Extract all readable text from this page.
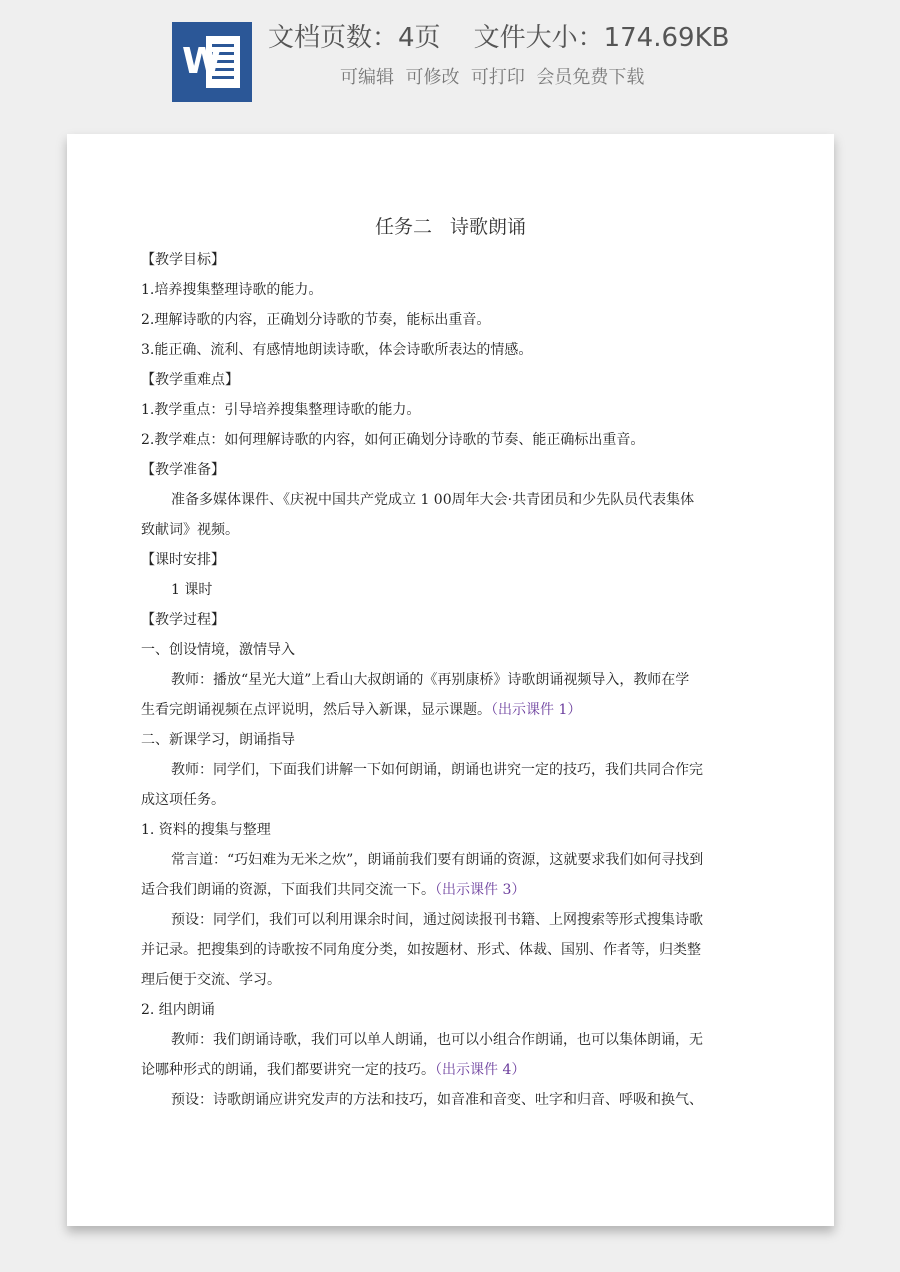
W
文档页数：4页    文件大小：174.69KB
可编辑  可修改  可打印  会员免费下载
任务二   诗歌朗诵
【教学目标】
1.培养搜集整理诗歌的能力。
2.理解诗歌的内容，正确划分诗歌的节奏，能标出重音。
3.能正确、流利、有感情地朗读诗歌，体会诗歌所表达的情感。
【教学重难点】
1.教学重点：引导培养搜集整理诗歌的能力。
2.教学难点：如何理解诗歌的内容，如何正确划分诗歌的节奏、能正确标出重音。
【教学准备】
准备多媒体课件、《庆祝中国共产党成立 1 00周年大会·共青团员和少先队员代表集体
致献词》视频。
【课时安排】
1 课时
【教学过程】
一、创设情境，激情导入
教师：播放“星光大道”上看山大叔朗诵的《再别康桥》诗歌朗诵视频导入，教师在学
生看完朗诵视频在点评说明，然后导入新课，显示课题。（出示课件 1）
二、新课学习，朗诵指导
教师：同学们，下面我们讲解一下如何朗诵，朗诵也讲究一定的技巧，我们共同合作完
成这项任务。
1. 资料的搜集与整理
常言道：“巧妇难为无米之炊”，朗诵前我们要有朗诵的资源，这就要求我们如何寻找到
适合我们朗诵的资源，下面我们共同交流一下。（出示课件 3）
预设：同学们，我们可以利用课余时间，通过阅读报刊书籍、上网搜索等形式搜集诗歌
并记录。把搜集到的诗歌按不同角度分类，如按题材、形式、体裁、国别、作者等，归类整
理后便于交流、学习。
2. 组内朗诵
教师：我们朗诵诗歌，我们可以单人朗诵，也可以小组合作朗诵，也可以集体朗诵，无
论哪种形式的朗诵，我们都要讲究一定的技巧。（出示课件 4）
预设：诗歌朗诵应讲究发声的方法和技巧，如音准和音变、吐字和归音、呼吸和换气、
